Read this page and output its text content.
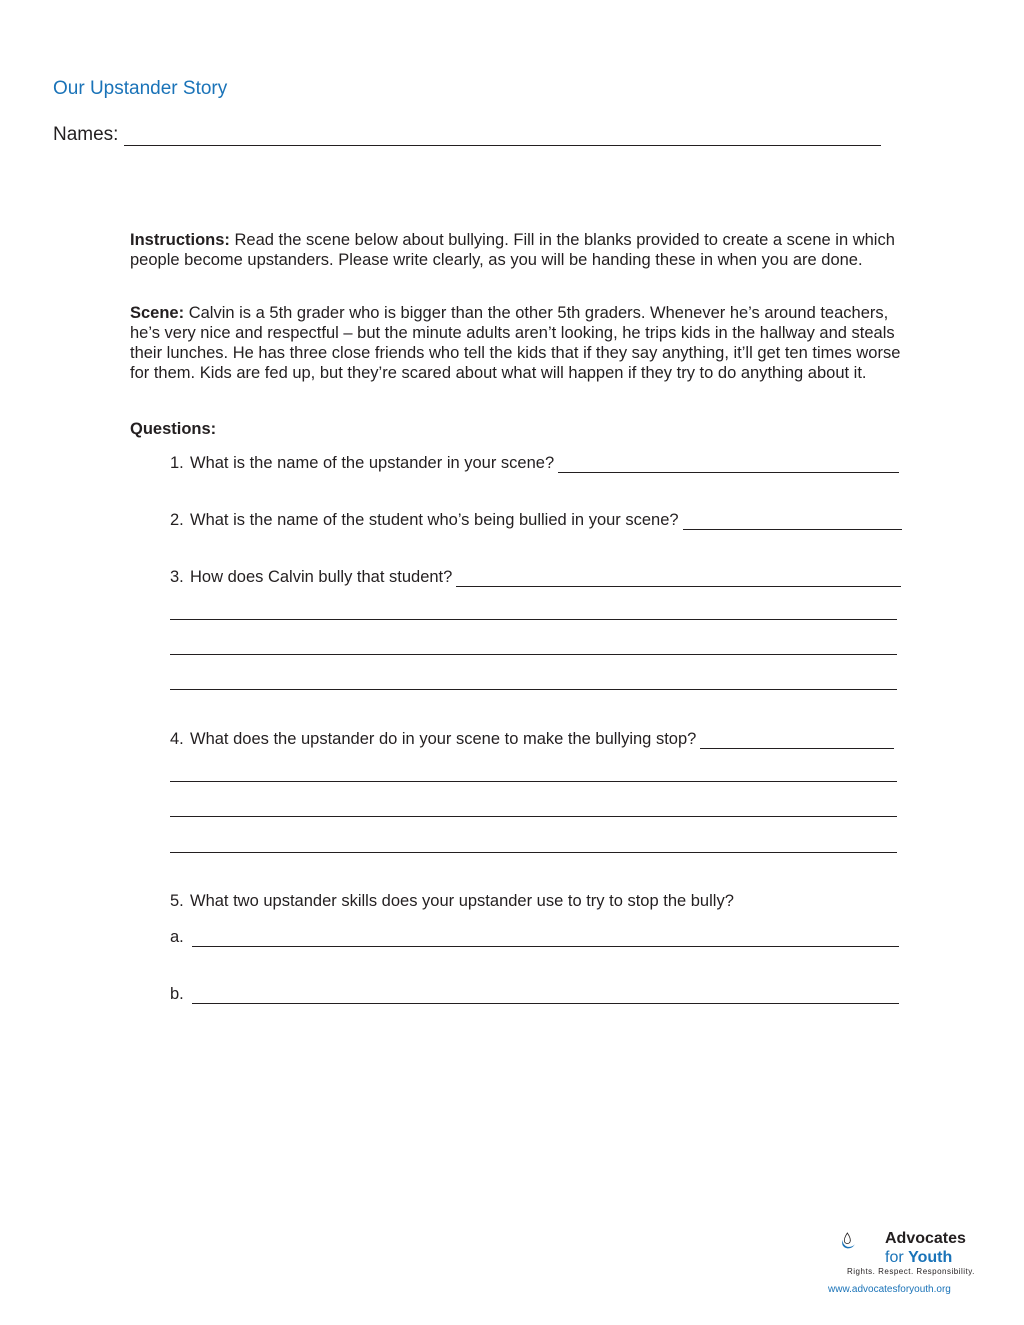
Our Upstander Story
Names:
Instructions: Read the scene below about bullying. Fill in the blanks provided to create a scene in which people become upstanders. Please write clearly, as you will be handing these in when you are done.
Scene: Calvin is a 5th grader who is bigger than the other 5th graders. Whenever he’s around teachers, he’s very nice and respectful – but the minute adults aren’t looking, he trips kids in the hallway and steals their lunches. He has three close friends who tell the kids that if they say anything, it’ll get ten times worse for them. Kids are fed up, but they’re scared about what will happen if they try to do anything about it.
Questions:
1. What is the name of the upstander in your scene?
2. What is the name of the student who’s being bullied in your scene?
3. How does Calvin bully that student?
4. What does the upstander do in your scene to make the bullying stop?
5. What two upstander skills does your upstander use to try to stop the bully?
a.
b.
Advocates
for Youth
Rights. Respect. Responsibility.
www.advocatesforyouth.org
